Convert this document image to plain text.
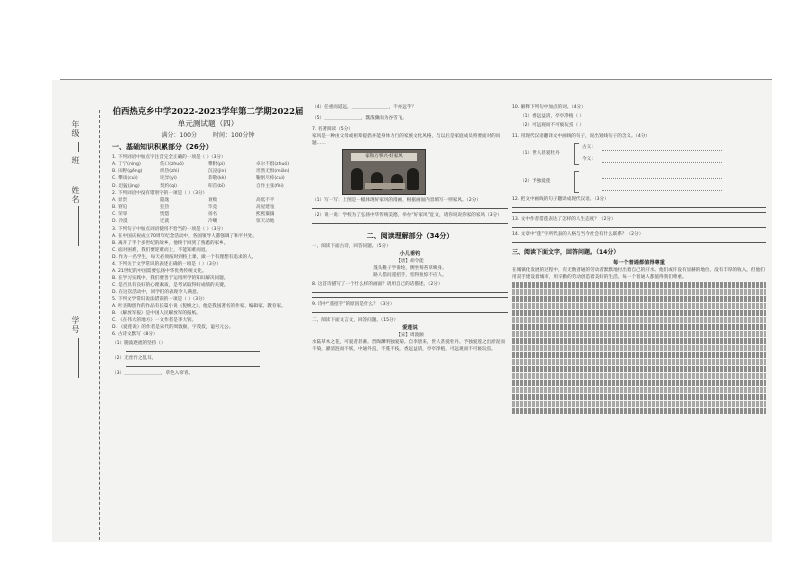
年级
班
姓名
学号
伯西热克乡中学2022-2023学年第二学期2022届
单元测试题（四）
满分：100分	时间：100分钟
一、基础知识积累部分（26分）
1. 下列词语中加点字注音完全正确的一项是（ ）（3分）
A. 丁宁(níng)	伤口(zhuó)	攀附(pì)	卓尔不群(zhuó)
B. 田野(gěng)	炽热(zhì)	沉浸(jìn)	坦然无惧(miǎn)
C. 攀谈(cuì)	诧异(yì)	恭敬(kè)	鞠躬尽瘁(cuì)
D. 迅猛(jìng)	契约(qì)	叩首(bī)	自作主张(fèi)
2. 下列词语中没有错别字的一项是（ ）（3分）
A. 显贵	隐逸	衰败	高低不平
B. 窘迫	狂热	毕竟	高屋建瓴
C. 荣辱	恍惚	扬名	熙熙攘攘
D. 冷漠	迁就	冷嘲	惊天动地
3. 下列句子中加点词语使用不恰当的一项是（ ）（3分）
A. 在中国庆祝成立70周年纪念活动中，各国领导人都强调了和平共处。
B. 离开了半个多世纪的故乡，他终于回到了熟悉的家乡。
C. 面对困难，我们要迎难而上，不能知难而退。
D. 作为一名学生，每天必须按时到校上课，做一个有理想有追求的人。
4. 下列关于文学常识的表述正确的一项是（ ）（3分）
A. 21世纪的中国需要弘扬中华优秀传统文化。
B. 在学习实践中，我们要善于运用所学的知识解决问题。
C. 是否具有良好的心理素质，是考试取得好成绩的关键。
D. 在这次活动中，同学们的表现令人满意。
5. 下列文学常识说法错误的一项是（ ）（3分）
A. 叶圣陶创作的作品有长篇小说《倪焕之》，他是我国著名的作家、编辑家、教育家。
B. 《解放军报》是中国人民解放军的报纸。
C. 《在伟大的地方》一文作者是李大钊。
D. 《爱莲说》的作者是宋代的周敦颐，字茂叔，谥号元公。
6. 古诗文默写（8分）
（1）随波逐流的坚持（）
（2）无丝竹之乱耳，
（3）＿＿＿＿＿＿＿＿，草色入帘青。
（4）任重而道远，＿＿＿＿＿＿＿＿，不亦远乎？
（5）＿＿＿＿＿＿＿＿，瓢泼骤雨为谷雪飞。
7. 名著阅读（5分）
家风是一种由父母或祖辈提倡并能身体力行的家族文化风格，与以后是家庭成员将要面对的问题……
家和万事兴·好家风
（1）写一写：上图是一幅体现好家风的漫画，根据画面内容填写一则家风。（2分）
（2）说一说：学校为了弘扬中华传统美德，举办“好家风”征文，请你说说你家的家风（3分）
二、阅读理解部分（34分）
一、阅读下面古诗，回答问题。（5分）
小儿垂钓
【唐】胡令能
蓬头稚子学垂纶，侧坐莓苔草映身。
路人借问遥招手，怕得鱼惊不应人。
8. 这首诗描写了一个什么样的画面？请用自己的话描述。（2分）
9. 诗中“遥招手”的原因是什么？（3分）
二、阅读下面文言文，回答问题。（15分）
爱莲说
【宋】周敦颐
水陆草木之花，可爱者甚蕃。晋陶渊明独爱菊。自李唐来，世人甚爱牡丹。予独爱莲之出淤泥而不染，濯清涟而不妖，中通外直，不蔓不枝，香远益清，亭亭净植，可远观而不可亵玩焉。
10. 解释下列句中加点的词。（4分）
（1）香远益清，亭亭净植（ ）
（2）可远观而不可亵玩焉（ ）
11. 用现代汉语翻译文中画线的句子，说出划线句子的含义。（4分）
（1）世人甚爱牡丹
古义：
今义：
（2）予独爱莲
12. 把文中画线的句子翻译成现代汉语。（3分）
13. 文中作者借莲表达了怎样的人生态度？（2分）
14. 文章中“莲”字所代表的人格与当今社会有什么联系？（2分）
三、阅读下面文字，回答问题。（14分）
每一个普通都值得尊重
在城镇化发展的过程中，有无数普通的劳动者默默地付出着自己的汗水。他们或许没有显赫的地位，没有丰厚的收入，但他们用双手建设着城市，用辛勤的劳动创造着美好的生活。每一个普通人都值得我们尊重。
